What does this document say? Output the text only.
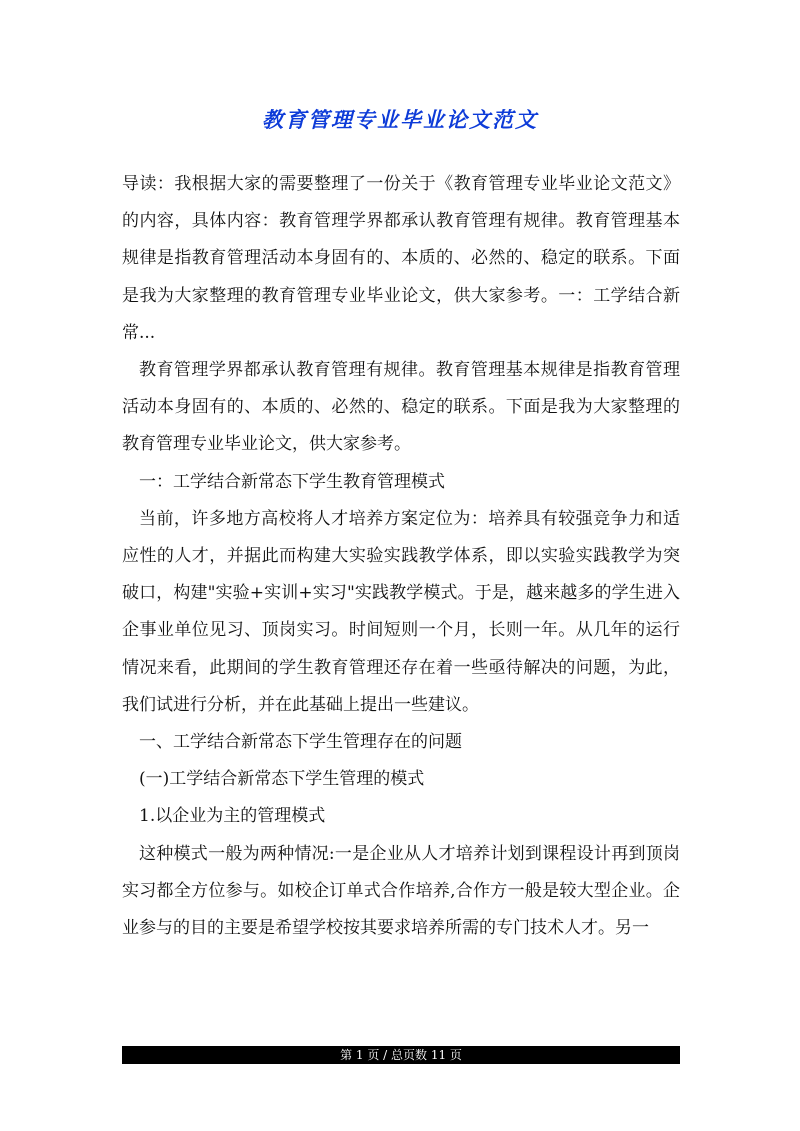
教育管理专业毕业论文范文

导读：我根据大家的需要整理了一份关于《教育管理专业毕业论文范文》的内容，具体内容：教育管理学界都承认教育管理有规律。教育管理基本规律是指教育管理活动本身固有的、本质的、必然的、稳定的联系。下面是我为大家整理的教育管理专业毕业论文，供大家参考。一：工学结合新常...

教育管理学界都承认教育管理有规律。教育管理基本规律是指教育管理活动本身固有的、本质的、必然的、稳定的联系。下面是我为大家整理的教育管理专业毕业论文，供大家参考。

一：工学结合新常态下学生教育管理模式

当前，许多地方高校将人才培养方案定位为：培养具有较强竞争力和适应性的人才，并据此而构建大实验实践教学体系，即以实验实践教学为突破口，构建"实验+实训+实习"实践教学模式。于是，越来越多的学生进入企事业单位见习、顶岗实习。时间短则一个月，长则一年。从几年的运行情况来看，此期间的学生教育管理还存在着一些亟待解决的问题，为此，我们试进行分析，并在此基础上提出一些建议。

一、工学结合新常态下学生管理存在的问题

(一)工学结合新常态下学生管理的模式

1.以企业为主的管理模式

这种模式一般为两种情况:一是企业从人才培养计划到课程设计再到顶岗实习都全方位参与。如校企订单式合作培养,合作方一般是较大型企业。企业参与的目的主要是希望学校按其要求培养所需的专门技术人才。另一

第 1 页 / 总页数 11 页
